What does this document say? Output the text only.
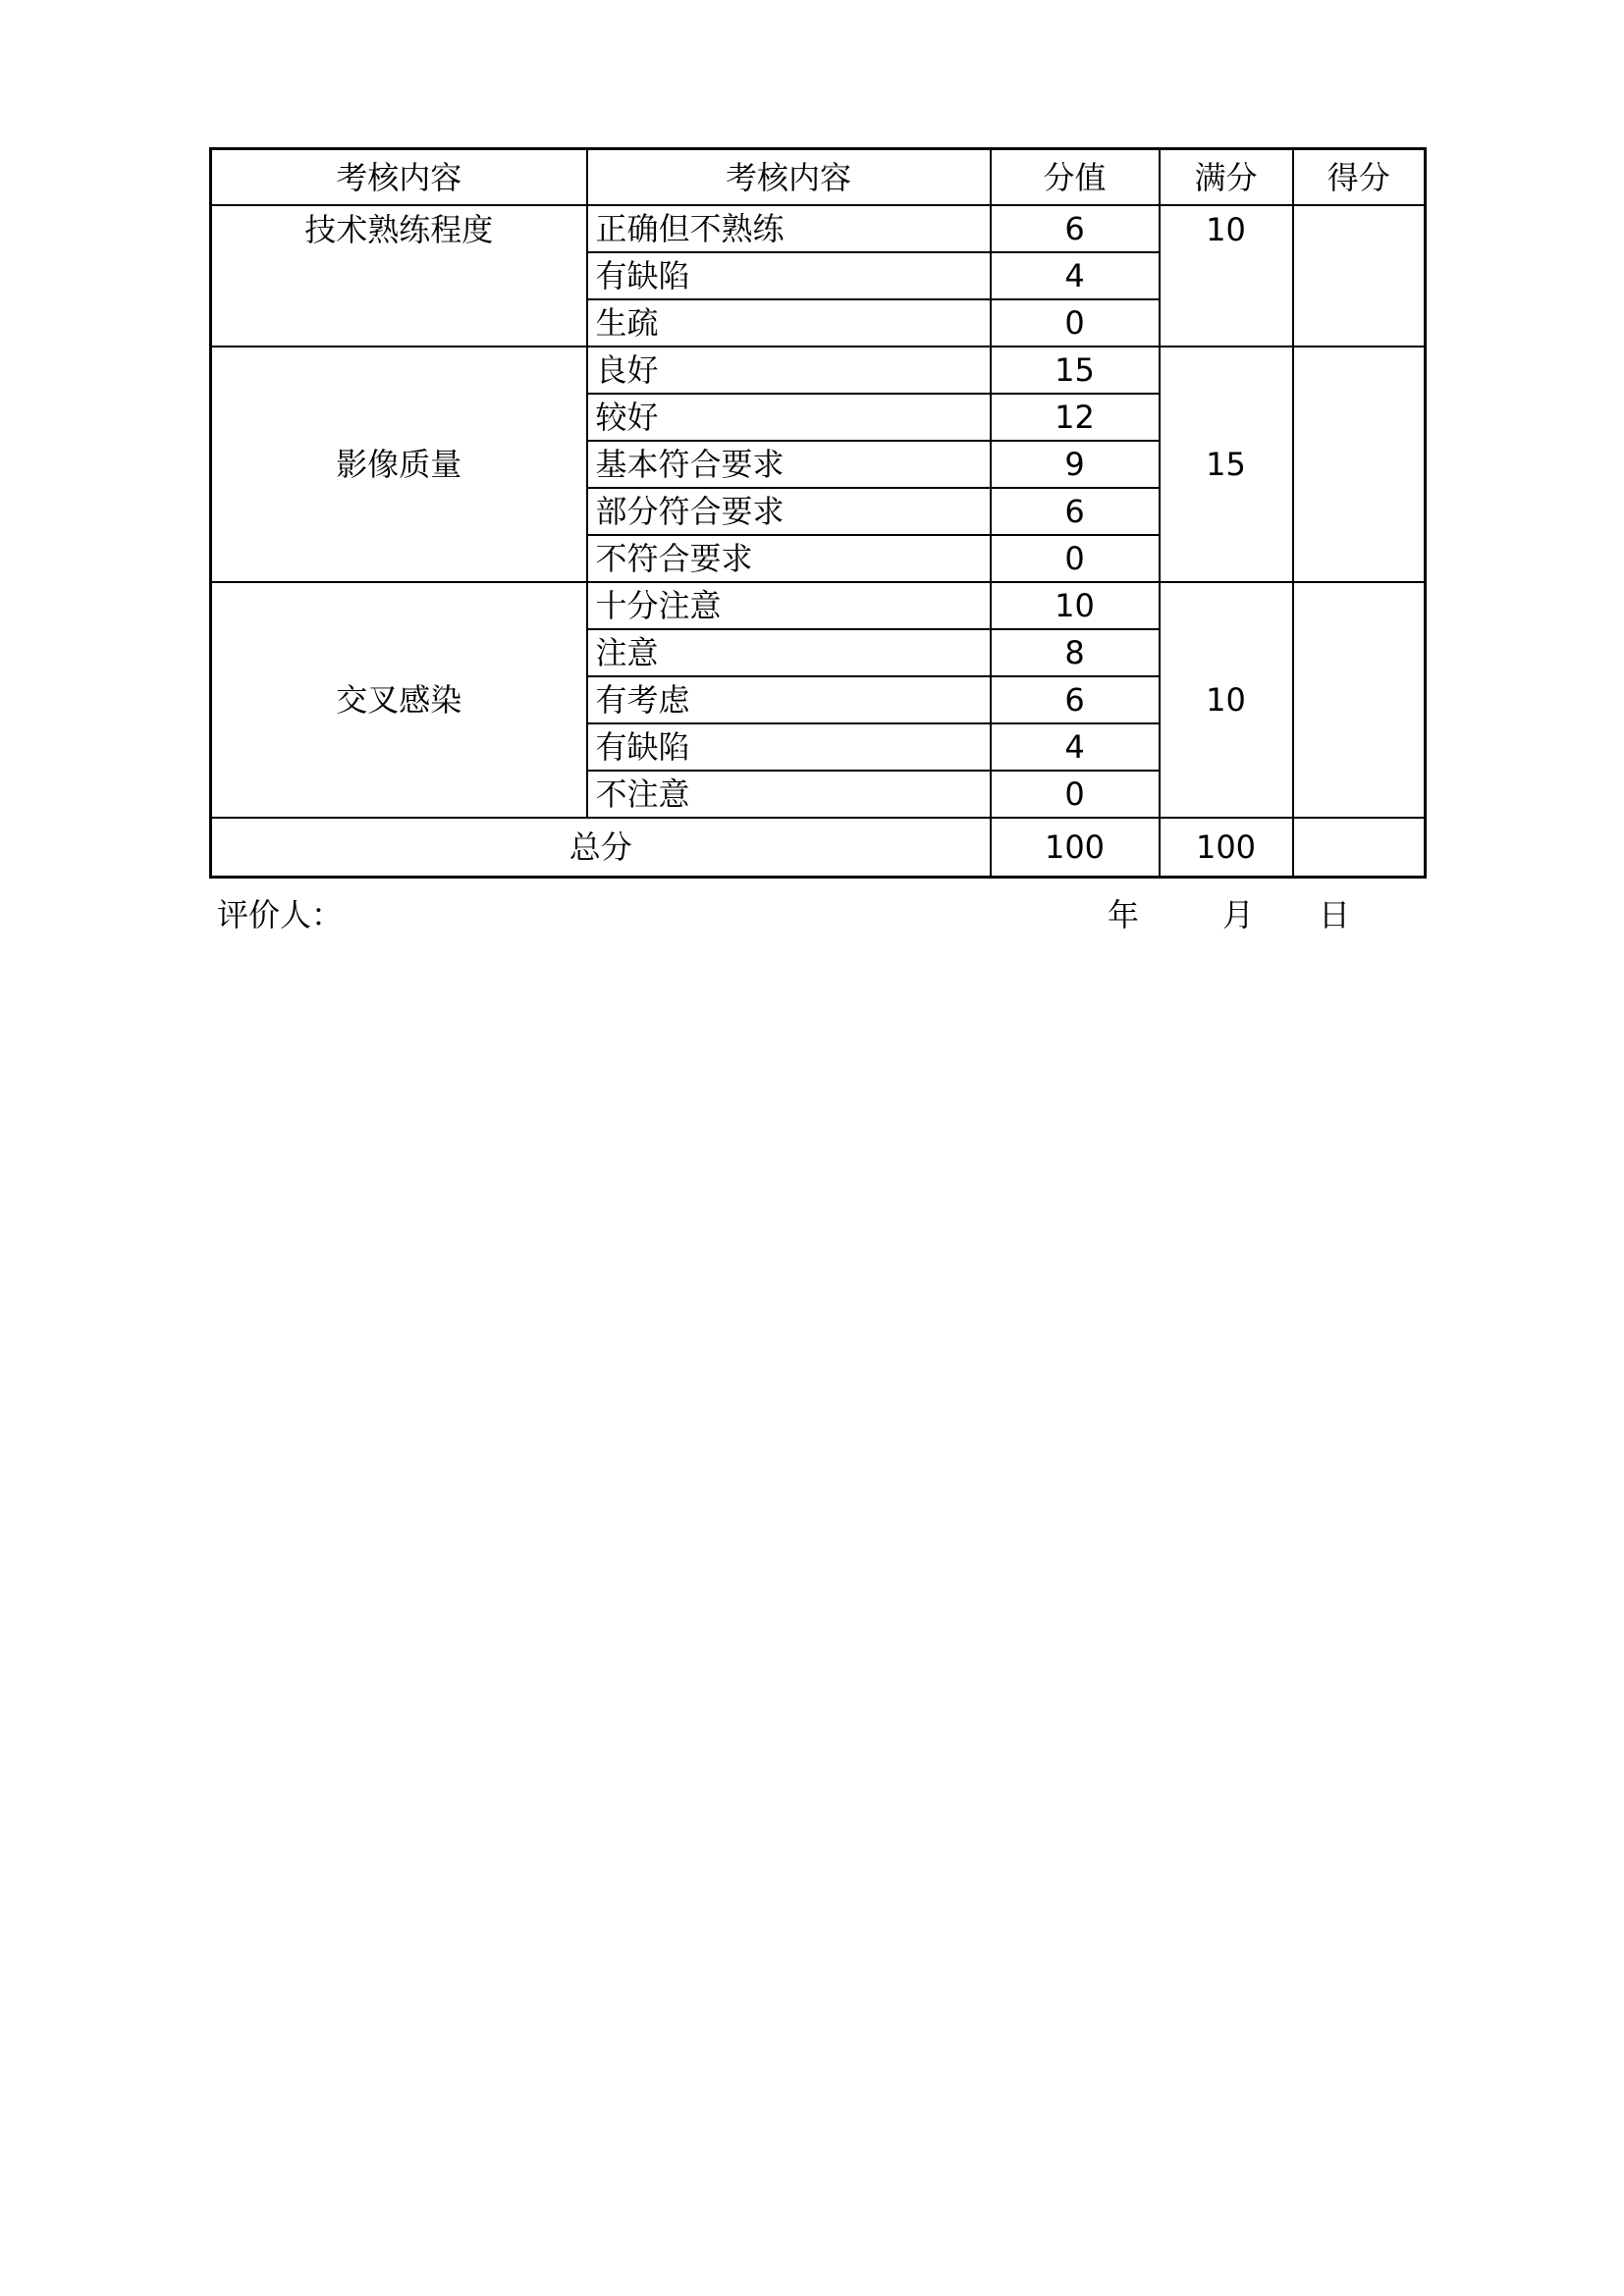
考核内容	考核内容	分值	满分	得分
技术熟练程度	正确但不熟练	6	10	
	有缺陷	4		
	生疏	0		
影像质量	良好	15	15	
	较好	12		
	基本符合要求	9		
	部分符合要求	6		
	不符合要求	0		
交叉感染	十分注意	10	10	
	注意	8		
	有考虑	6		
	有缺陷	4		
	不注意	0		
总分		100	100	
评价人：	年	月 日
